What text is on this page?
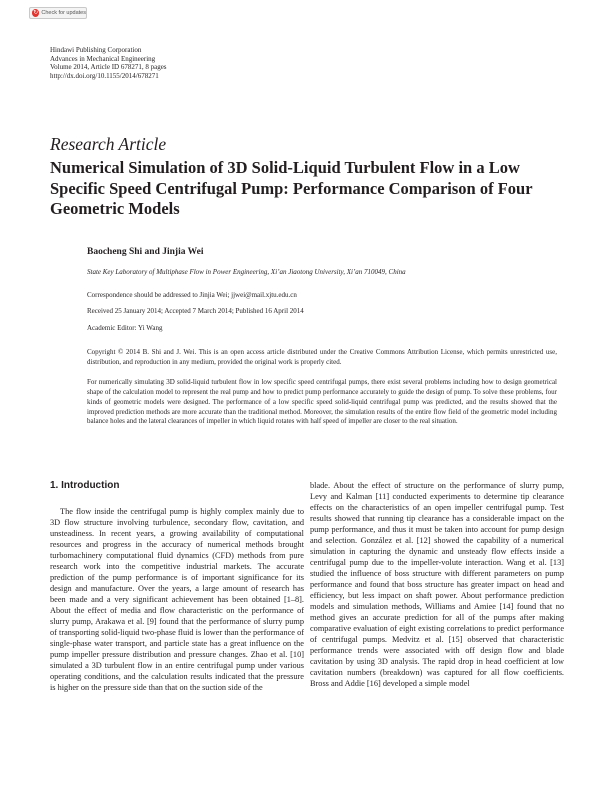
↻ Check for updates
Hindawi Publishing Corporation
Advances in Mechanical Engineering
Volume 2014, Article ID 678271, 8 pages
http://dx.doi.org/10.1155/2014/678271
Research Article
Numerical Simulation of 3D Solid-Liquid Turbulent Flow in a Low Specific Speed Centrifugal Pump: Performance Comparison of Four Geometric Models
Baocheng Shi and Jinjia Wei
State Key Laboratory of Multiphase Flow in Power Engineering, Xi’an Jiaotong University, Xi’an 710049, China
Correspondence should be addressed to Jinjia Wei; jjwei@mail.xjtu.edu.cn
Received 25 January 2014; Accepted 7 March 2014; Published 16 April 2014
Academic Editor: Yi Wang
Copyright © 2014 B. Shi and J. Wei. This is an open access article distributed under the Creative Commons Attribution License, which permits unrestricted use, distribution, and reproduction in any medium, provided the original work is properly cited.
For numerically simulating 3D solid-liquid turbulent flow in low specific speed centrifugal pumps, there exist several problems including how to design geometrical shape of the calculation model to represent the real pump and how to predict pump performance accurately to guide the design of pump. To solve these problems, four kinds of geometric models were designed. The performance of a low specific speed solid-liquid centrifugal pump was predicted, and the results showed that the improved prediction methods are more accurate than the traditional method. Moreover, the simulation results of the entire flow field of the geometric model including balance holes and the lateral clearances of impeller in which liquid rotates with half speed of impeller are closer to the real situation.
1. Introduction

The flow inside the centrifugal pump is highly complex mainly due to 3D flow structure involving turbulence, secondary flow, cavitation, and unsteadiness. In recent years, a growing availability of computational resources and progress in the accuracy of numerical methods brought turbomachinery computational fluid dynamics (CFD) methods from pure research work into the competitive industrial markets. The accurate prediction of the pump performance is of important significance for its design and manufacture. Over the years, a large amount of research has been made and a very significant achievement has been obtained [1–8]. About the effect of media and flow characteristic on the performance of slurry pump, Arakawa et al. [9] found that the performance of slurry pump of transporting solid-liquid two-phase fluid is lower than the performance of single-phase water transport, and particle state has a great influence on the pump impeller pressure distribution and pressure changes. Zhao et al. [10] simulated a 3D turbulent flow in an entire centrifugal pump under various operating conditions, and the calculation results indicated that the pressure is higher on the pressure side than that on the suction side of the

blade. About the effect of structure on the performance of slurry pump, Levy and Kalman [11] conducted experiments to determine tip clearance effects on the characteristics of an open impeller centrifugal pump. Test results showed that running tip clearance has a considerable impact on the pump performance, and thus it must be taken into account for pump design and selection. González et al. [12] showed the capability of a numerical simulation in capturing the dynamic and unsteady flow effects inside a centrifugal pump due to the impeller-volute interaction. Wang et al. [13] studied the influence of boss structure with different parameters on pump performance and found that boss structure has greater impact on head and efficiency, but less impact on shaft power. About performance prediction models and simulation methods, Williams and Amiee [14] found that no method gives an accurate prediction for all of the pumps after making comparative evaluation of eight existing correlations to predict performance of centrifugal pumps. Medvitz et al. [15] observed that characteristic performance trends were associated with off design flow and blade cavitation by using 3D analysis. The rapid drop in head coefficient at low cavitation numbers (breakdown) was captured for all flow coefficients. Bross and Addie [16] developed a simple model
